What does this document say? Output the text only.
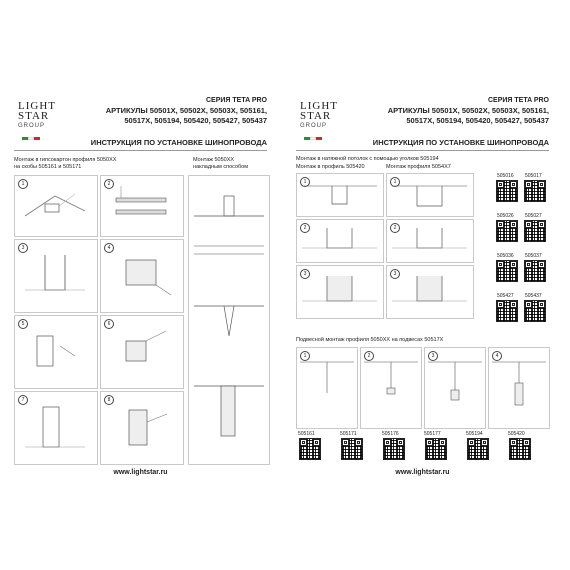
LIGHT
STAR
GROUP
СЕРИЯ TETA PRO
АРТИКУЛЫ 50501X, 50502X, 50503X, 505161,
50517X, 505194, 505420, 505427, 505437
ИНСТРУКЦИЯ ПО УСТАНОВКЕ ШИНОПРОВОДА
Монтаж в гипсокартон профиля 5050XX
на скобы 505161 и 505171
Монтаж 5050XX
накладным способом
1	2
3	4
5	6
7	8
www.lightstar.ru
LIGHT
STAR
GROUP
СЕРИЯ TETA PRO
АРТИКУЛЫ 50501X, 50502X, 50503X, 505161,
50517X, 505194, 505420, 505427, 505437
ИНСТРУКЦИЯ ПО УСТАНОВКЕ ШИНОПРОВОДА
Монтаж в натяжной потолок с помощью уголков 505194
Монтаж в профиль 505420	Монтаж профиля 5054X7
1	1
2	2
3	3
505016 505017
505026 505027
505036 505037
505427 505437
Подвесной монтаж профиля 5050XX на подвесах 50517X
1	2	3	4
505161	505171	505176	505177	505194	505420
www.lightstar.ru
